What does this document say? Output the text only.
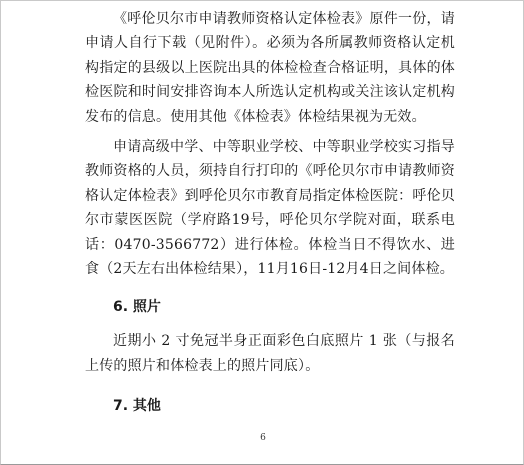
《呼伦贝尔市申请教师资格认定体检表》原件一份，请申请人自行下载（见附件）。必须为各所属教师资格认定机构指定的县级以上医院出具的体检检查合格证明，具体的体检医院和时间安排咨询本人所选认定机构或关注该认定机构发布的信息。使用其他《体检表》体检结果视为无效。

申请高级中学、中等职业学校、中等职业学校实习指导教师资格的人员，须持自行打印的《呼伦贝尔市申请教师资格认定体检表》到呼伦贝尔市教育局指定体检医院：呼伦贝尔市蒙医医院（学府路19号，呼伦贝尔学院对面，联系电话：0470-3566772）进行体检。体检当日不得饮水、进食（2天左右出体检结果），11月16日-12月4日之间体检。

6. 照片

近期小 2 寸免冠半身正面彩色白底照片 1 张（与报名上传的照片和体检表上的照片同底）。

7. 其他

6
